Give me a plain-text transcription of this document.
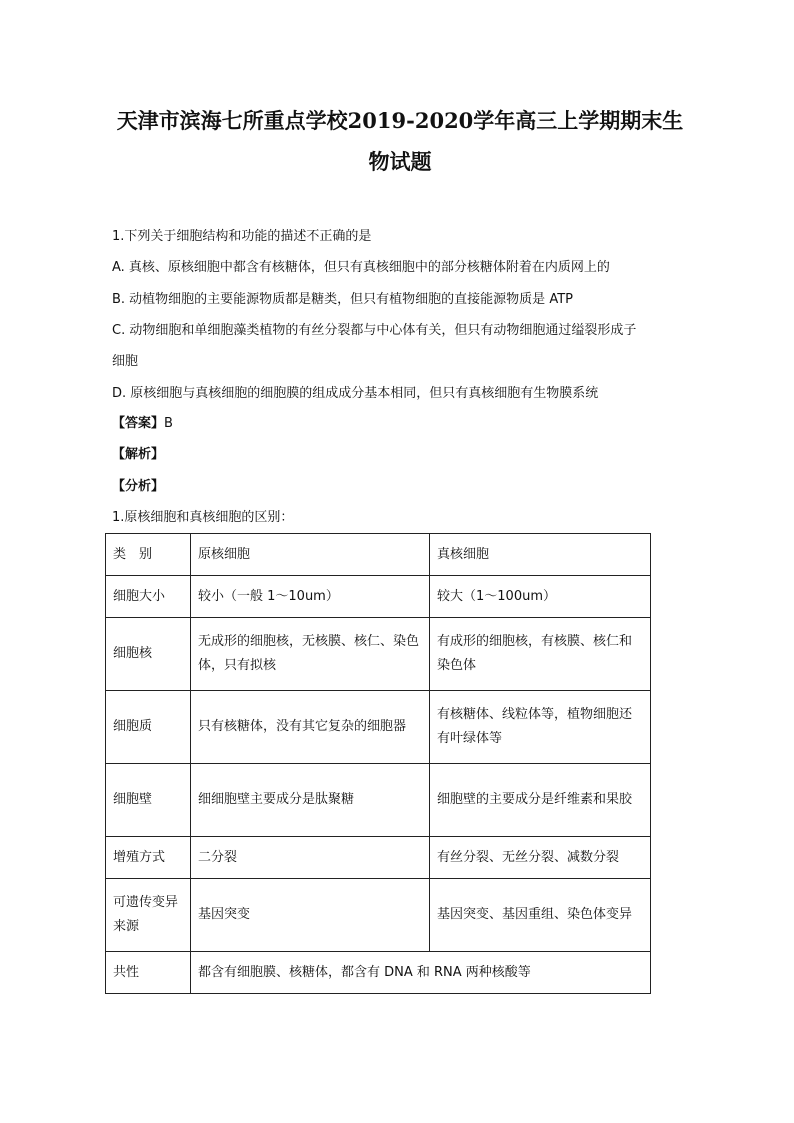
天津市滨海七所重点学校2019-2020学年高三上学期期末生
物试题
1.下列关于细胞结构和功能的描述不正确的是
A. 真核、原核细胞中都含有核糖体，但只有真核细胞中的部分核糖体附着在内质网上的
B. 动植物细胞的主要能源物质都是糖类，但只有植物细胞的直接能源物质是 ATP
C. 动物细胞和单细胞藻类植物的有丝分裂都与中心体有关，但只有动物细胞通过缢裂形成子
细胞
D. 原核细胞与真核细胞的细胞膜的组成成分基本相同，但只有真核细胞有生物膜系统
【答案】B
【解析】
【分析】
1.原核细胞和真核细胞的区别：
类　别	原核细胞	真核细胞
细胞大小	较小（一般 1～10um）	较大（1～100um）
细胞核	无成形的细胞核，无核膜、核仁、染色体，只有拟核	有成形的细胞核，有核膜、核仁和染色体
细胞质	只有核糖体，没有其它复杂的细胞器	有核糖体、线粒体等，植物细胞还有叶绿体等
细胞壁	细细胞壁主要成分是肽聚糖	细胞壁的主要成分是纤维素和果胶
增殖方式	二分裂	有丝分裂、无丝分裂、减数分裂
可遗传变异来源	基因突变	基因突变、基因重组、染色体变异
共性	都含有细胞膜、核糖体，都含有 DNA 和 RNA 两种核酸等	
